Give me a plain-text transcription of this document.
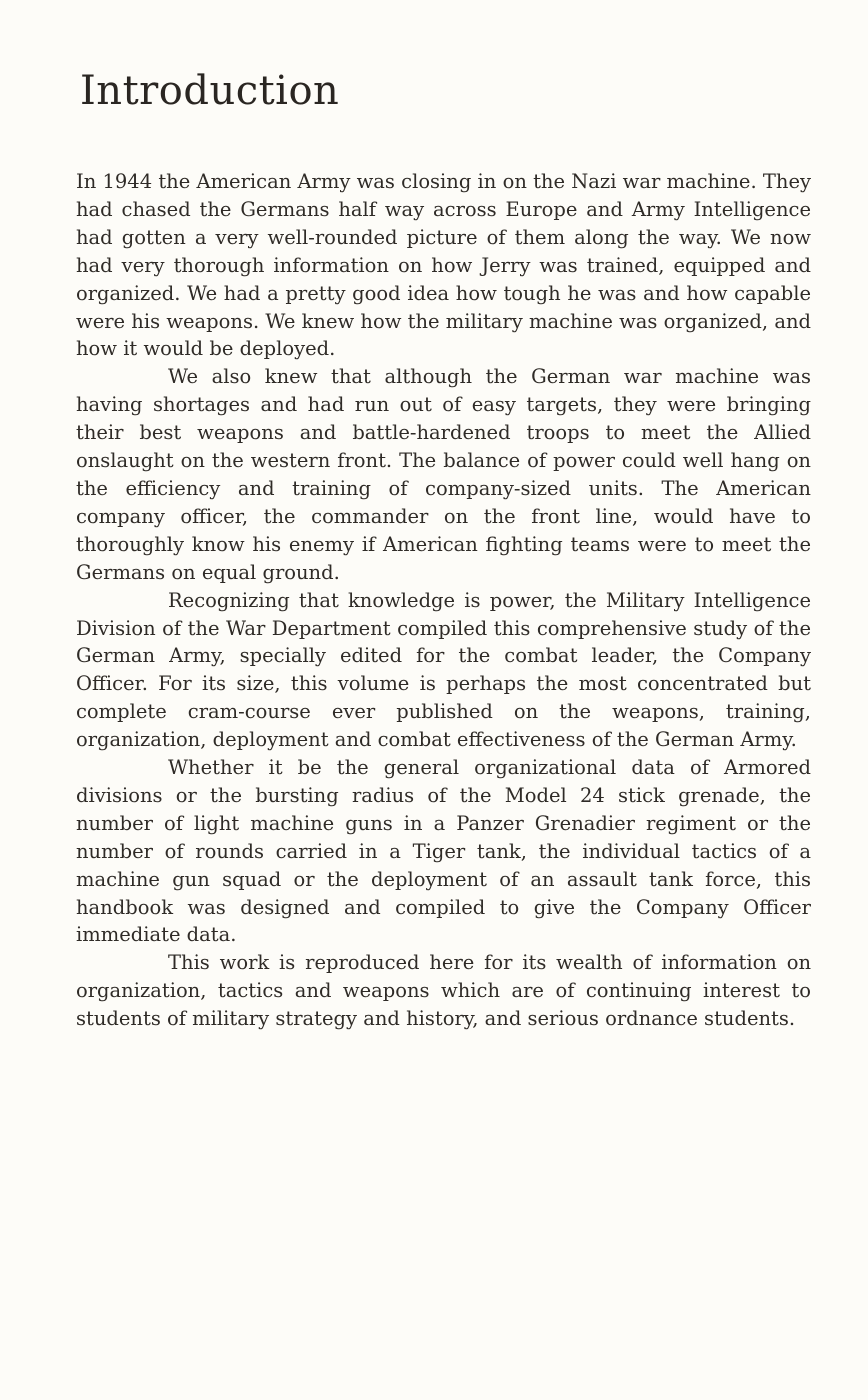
Introduction

In 1944 the American Army was closing in on the Nazi war machine. They had chased the Germans half way across Europe and Army Intelligence had gotten a very well-rounded picture of them along the way. We now had very thorough information on how Jerry was trained, equipped and organized. We had a pretty good idea how tough he was and how capable were his weapons. We knew how the military machine was organized, and how it would be deployed.

We also knew that although the German war machine was having shortages and had run out of easy targets, they were bringing their best weapons and battle-hardened troops to meet the Allied onslaught on the western front. The balance of power could well hang on the efficiency and training of company-sized units. The American company officer, the commander on the front line, would have to thoroughly know his enemy if American fighting teams were to meet the Germans on equal ground.

Recognizing that knowledge is power, the Military Intelligence Division of the War Department compiled this comprehensive study of the German Army, specially edited for the combat leader, the Company Officer. For its size, this volume is perhaps the most concentrated but complete cram-course ever published on the weapons, training, organization, deployment and combat effectiveness of the German Army.

Whether it be the general organizational data of Armored divisions or the bursting radius of the Model 24 stick grenade, the number of light machine guns in a Panzer Grenadier regiment or the number of rounds carried in a Tiger tank, the individual tactics of a machine gun squad or the deployment of an assault tank force, this handbook was designed and compiled to give the Company Officer immediate data.

This work is reproduced here for its wealth of information on organization, tactics and weapons which are of continuing interest to students of military strategy and history, and serious ordnance students.
